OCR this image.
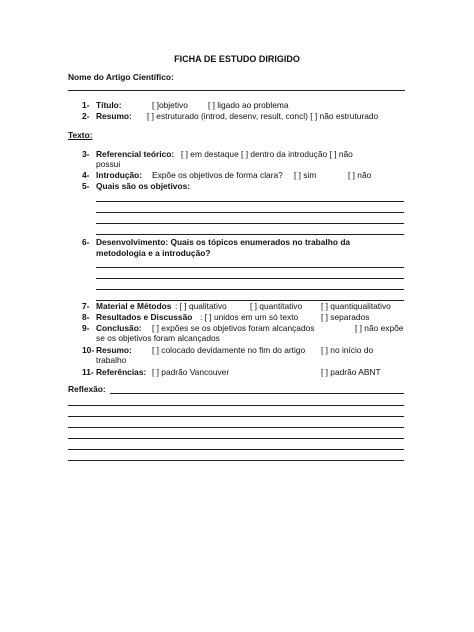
FICHA DE ESTUDO DIRIGIDO
Nome do Artigo Científico:
1- Título:	[ ]objetivo [ ] ligado ao problema
2- Resumo: [ ] estruturado (introd, desenv, result, concl) [ ] não estruturado
Texto:
3- Referencial teórico: [ ] em destaque [ ] dentro da introdução [ ] não
possui
4- Introdução: Expõe os objetivos de forma clara? [ ] sim	[ ] não
5- Quais são os objetivos:
6- Desenvolvimento: Quais os tópicos enumerados no trabalho da
metodologia e a introdução?
7- Material e Métodos : [ ] qualitativo	[ ] quantitativo [ ] quantiqualitativo
8- Resultados e Discussão : [ ] unidos em um só texto	[ ] separados
9- Conclusão: [ ] expões se os objetivos foram alcançados	[ ] não expõe
se os objetivos foram alcançados
10- Resumo: [ ] colocado devidamente no fim do artigo [ ] no início do
trabalho
11- Referências: [ ] padrão Vancouver	[ ] padrão ABNT
Reflexão:
